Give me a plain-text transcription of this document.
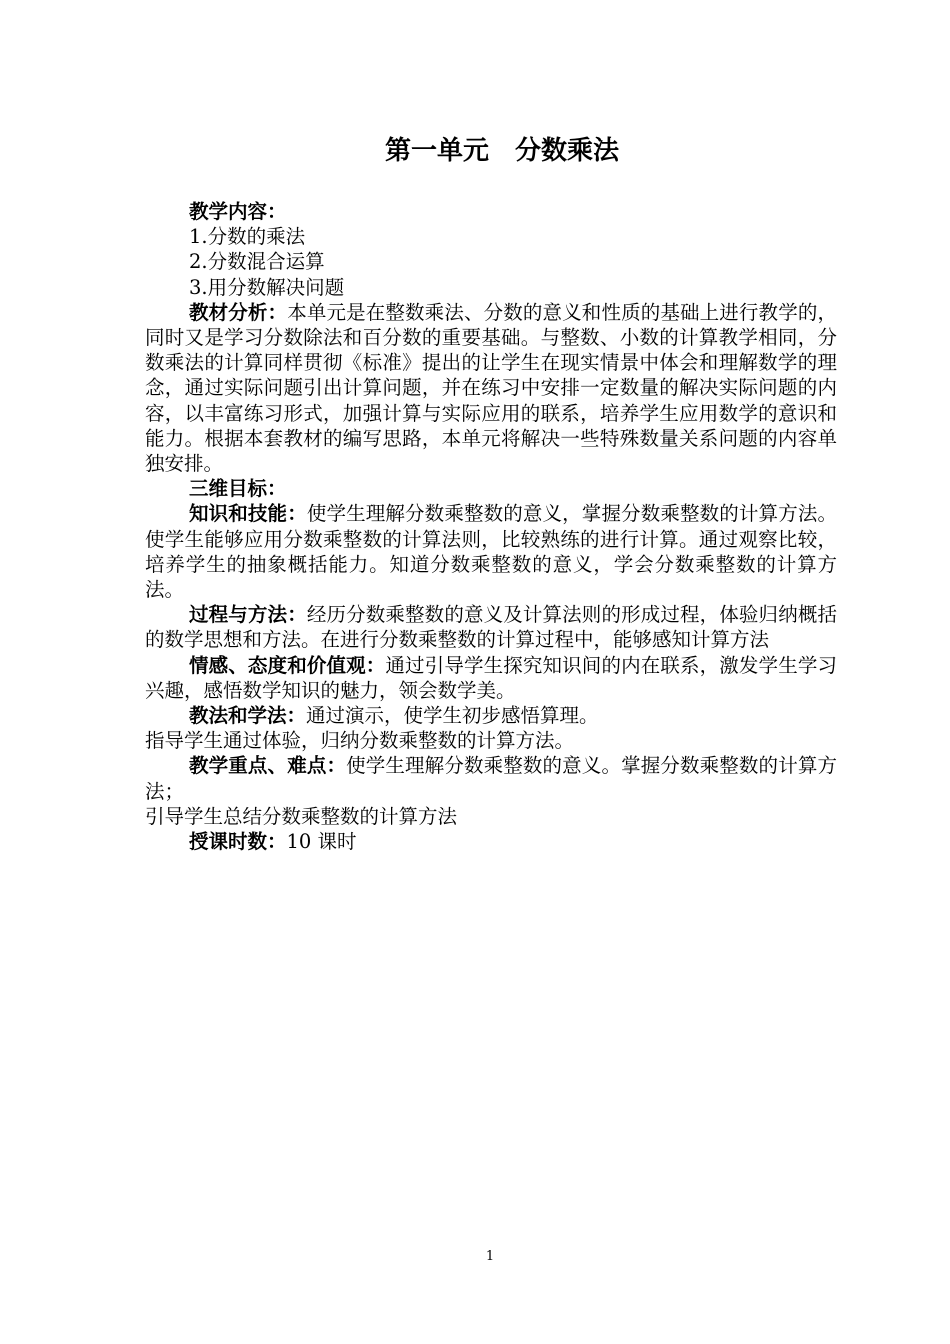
第一单元　分数乘法

教学内容：

1.分数的乘法

2.分数混合运算

3.用分数解决问题

教材分析：本单元是在整数乘法、分数的意义和性质的基础上进行教学的，同时又是学习分数除法和百分数的重要基础。与整数、小数的计算教学相同，分数乘法的计算同样贯彻《标准》提出的让学生在现实情景中体会和理解数学的理念，通过实际问题引出计算问题，并在练习中安排一定数量的解决实际问题的内容，以丰富练习形式，加强计算与实际应用的联系，培养学生应用数学的意识和能力。根据本套教材的编写思路，本单元将解决一些特殊数量关系问题的内容单独安排。

三维目标：

知识和技能：使学生理解分数乘整数的意义，掌握分数乘整数的计算方法。使学生能够应用分数乘整数的计算法则，比较熟练的进行计算。通过观察比较，培养学生的抽象概括能力。知道分数乘整数的意义，学会分数乘整数的计算方法。

过程与方法：经历分数乘整数的意义及计算法则的形成过程，体验归纳概括的数学思想和方法。在进行分数乘整数的计算过程中，能够感知计算方法

情感、态度和价值观：通过引导学生探究知识间的内在联系，激发学生学习兴趣，感悟数学知识的魅力，领会数学美。

教法和学法：通过演示，使学生初步感悟算理。

指导学生通过体验，归纳分数乘整数的计算方法。

教学重点、难点：使学生理解分数乘整数的意义。掌握分数乘整数的计算方法；

引导学生总结分数乘整数的计算方法

授课时数：10 课时

1
